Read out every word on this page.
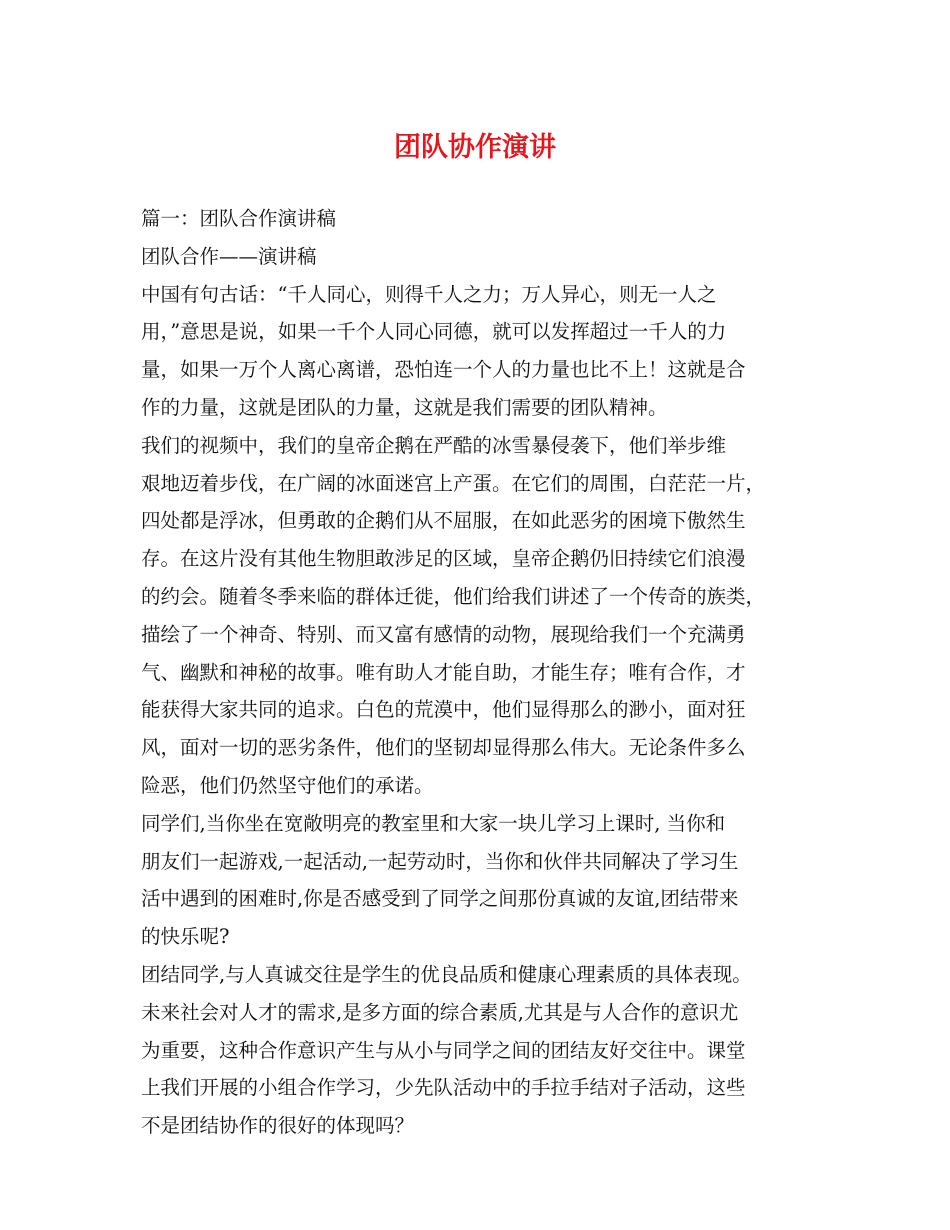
团队协作演讲

篇一：团队合作演讲稿

团队合作——演讲稿

中国有句古话：“千人同心，则得千人之力；万人异心，则无一人之

用，”意思是说，如果一千个人同心同德，就可以发挥超过一千人的力

量，如果一万个人离心离谱，恐怕连一个人的力量也比不上！这就是合

作的力量，这就是团队的力量，这就是我们需要的团队精神。

我们的视频中，我们的皇帝企鹅在严酷的冰雪暴侵袭下，他们举步维

艰地迈着步伐，在广阔的冰面迷宫上产蛋。在它们的周围，白茫茫一片，

四处都是浮冰，但勇敢的企鹅们从不屈服，在如此恶劣的困境下傲然生

存。在这片没有其他生物胆敢涉足的区域，皇帝企鹅仍旧持续它们浪漫

的约会。随着冬季来临的群体迁徙，他们给我们讲述了一个传奇的族类，

描绘了一个神奇、特别、而又富有感情的动物，展现给我们一个充满勇

气、幽默和神秘的故事。唯有助人才能自助，才能生存；唯有合作，才

能获得大家共同的追求。白色的荒漠中，他们显得那么的渺小，面对狂

风，面对一切的恶劣条件，他们的坚韧却显得那么伟大。无论条件多么

险恶，他们仍然坚守他们的承诺。

同学们,当你坐在宽敞明亮的教室里和大家一块儿学习上课时, 当你和

朋友们一起游戏,一起活动,一起劳动时，当你和伙伴共同解决了学习生

活中遇到的困难时,你是否感受到了同学之间那份真诚的友谊,团结带来

的快乐呢?

团结同学,与人真诚交往是学生的优良品质和健康心理素质的具体表现。

未来社会对人才的需求,是多方面的综合素质,尤其是与人合作的意识尤

为重要，这种合作意识产生与从小与同学之间的团结友好交往中。课堂

上我们开展的小组合作学习，少先队活动中的手拉手结对子活动，这些

不是团结协作的很好的体现吗？
